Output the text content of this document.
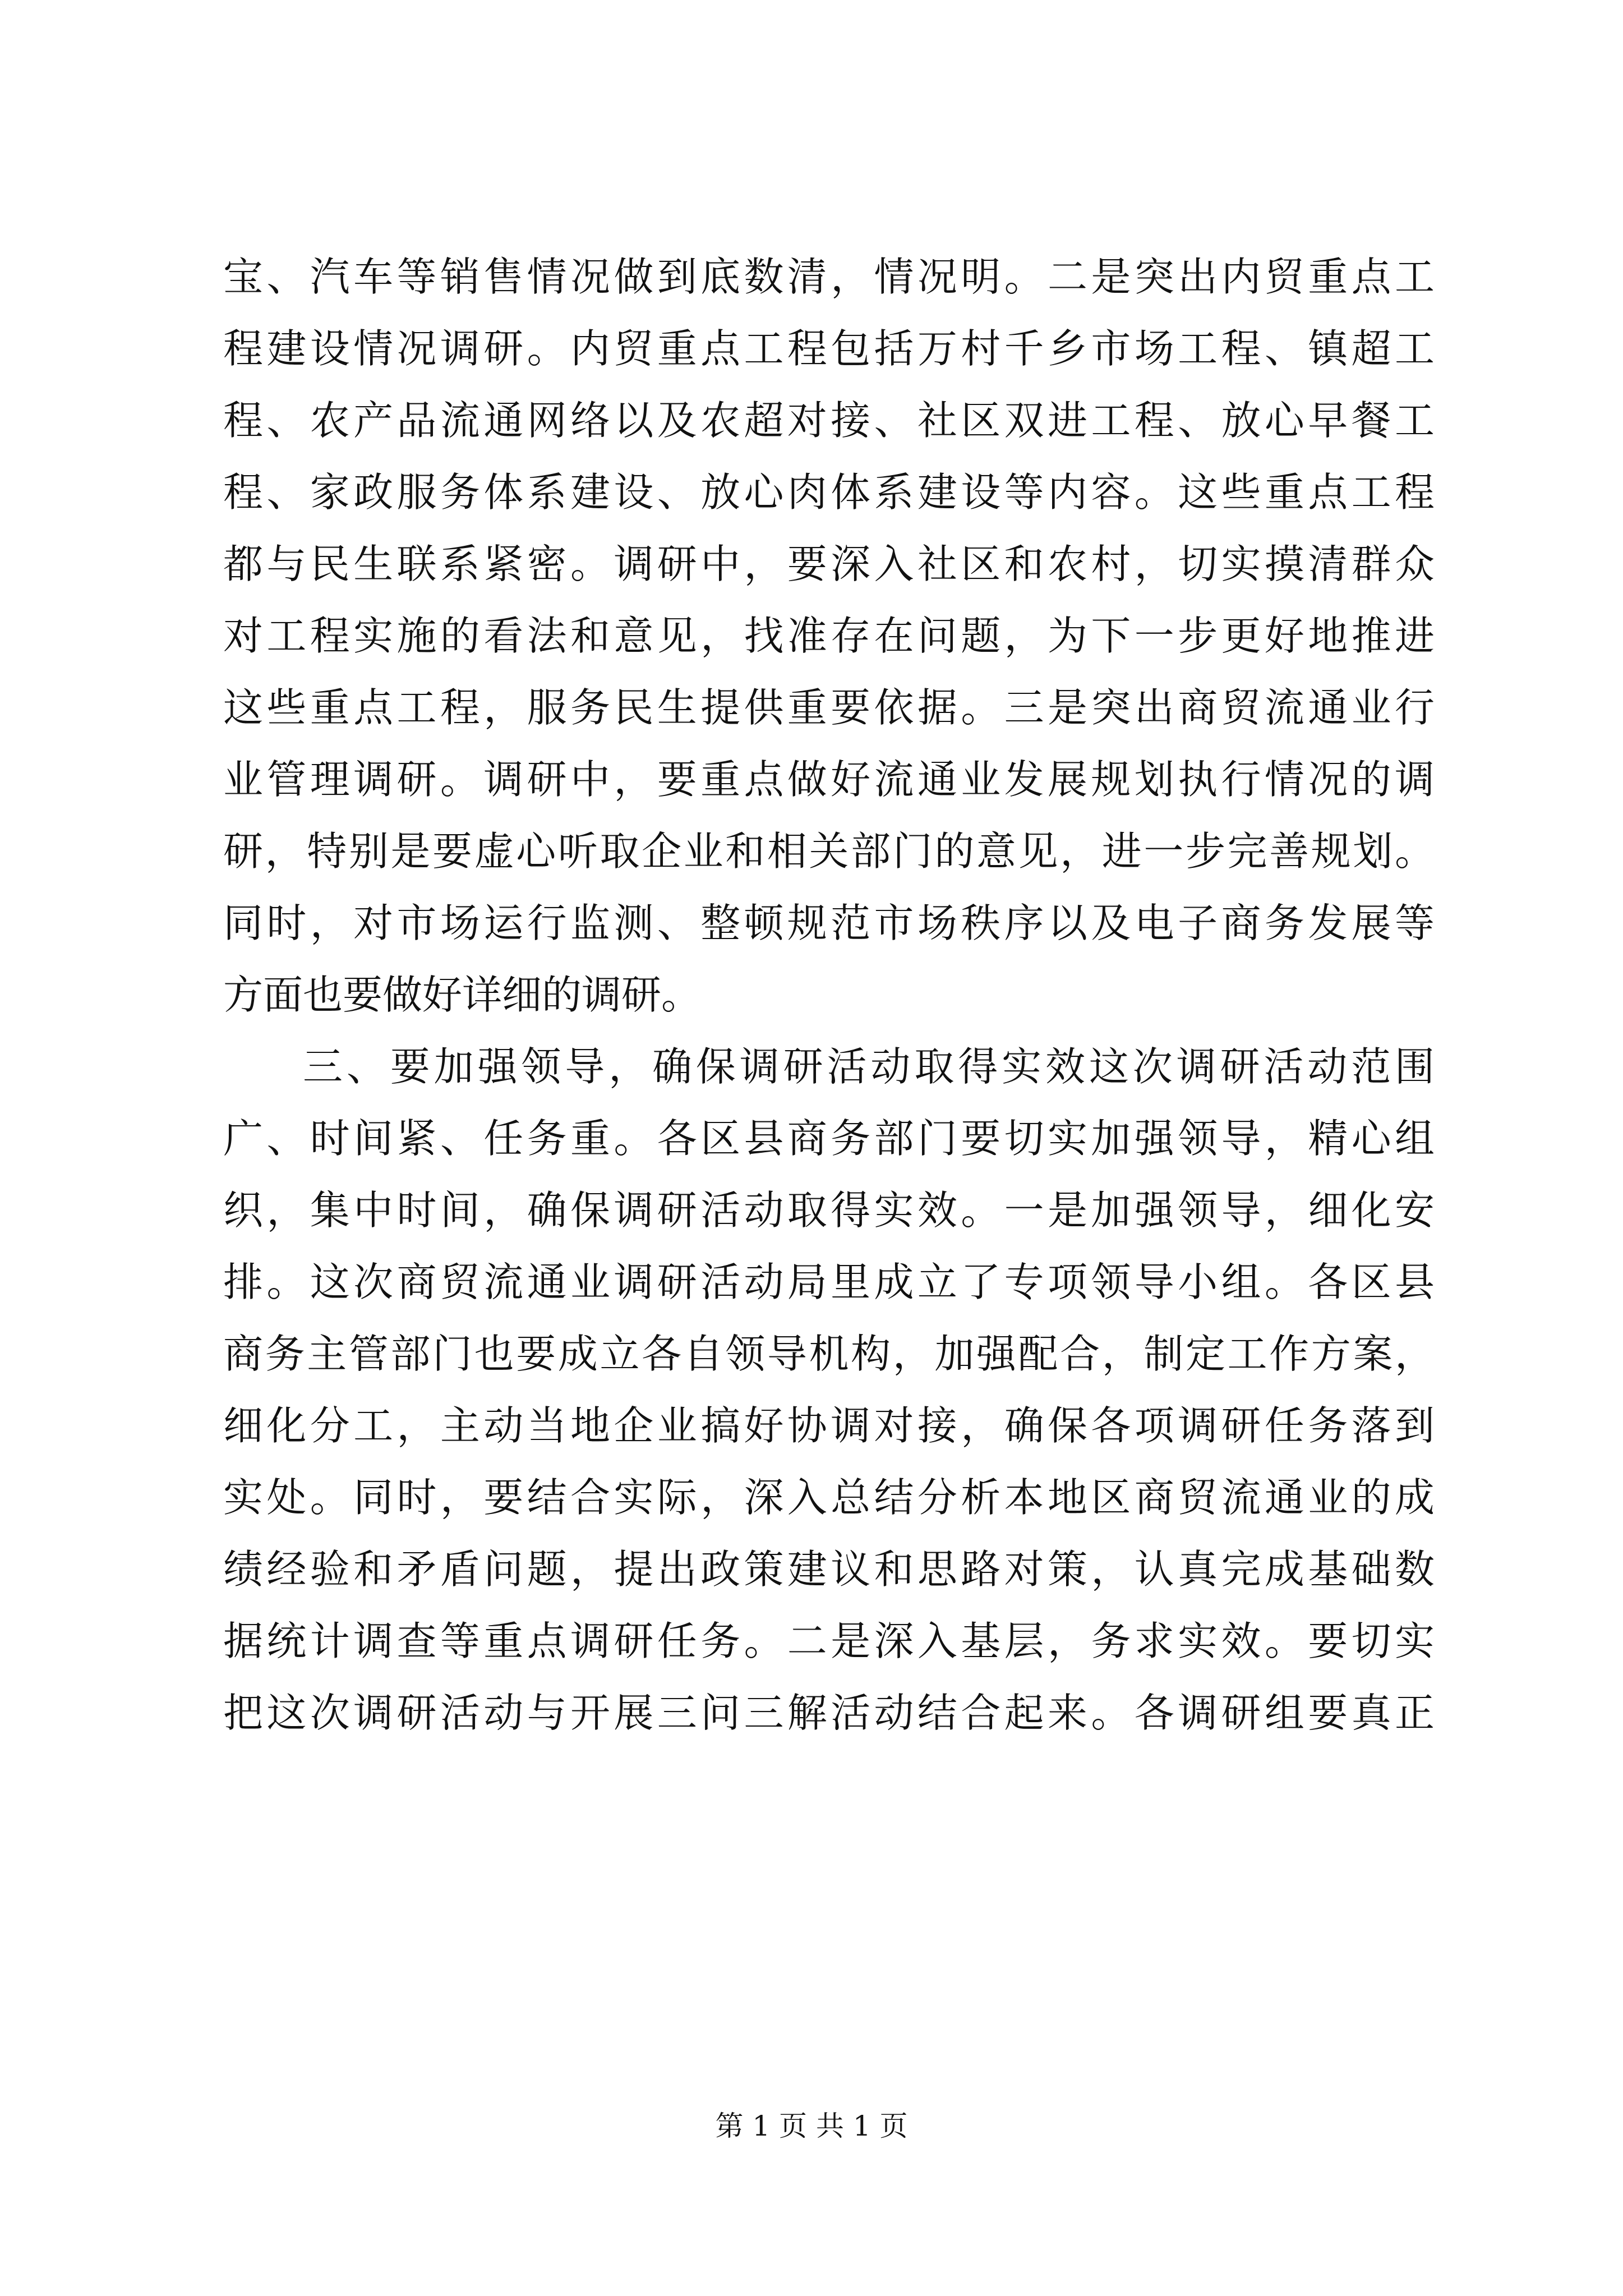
宝、汽车等销售情况做到底数清，情况明。二是突出内贸重点工
程建设情况调研。内贸重点工程包括万村千乡市场工程、镇超工
程、农产品流通网络以及农超对接、社区双进工程、放心早餐工
程、家政服务体系建设、放心肉体系建设等内容。这些重点工程
都与民生联系紧密。调研中，要深入社区和农村，切实摸清群众
对工程实施的看法和意见，找准存在问题，为下一步更好地推进
这些重点工程，服务民生提供重要依据。三是突出商贸流通业行
业管理调研。调研中，要重点做好流通业发展规划执行情况的调
研，特别是要虚心听取企业和相关部门的意见，进一步完善规划。
同时，对市场运行监测、整顿规范市场秩序以及电子商务发展等
方面也要做好详细的调研。
三、要加强领导，确保调研活动取得实效这次调研活动范围
广、时间紧、任务重。各区县商务部门要切实加强领导，精心组
织，集中时间，确保调研活动取得实效。一是加强领导，细化安
排。这次商贸流通业调研活动局里成立了专项领导小组。各区县
商务主管部门也要成立各自领导机构，加强配合，制定工作方案，
细化分工，主动当地企业搞好协调对接，确保各项调研任务落到
实处。同时，要结合实际，深入总结分析本地区商贸流通业的成
绩经验和矛盾问题，提出政策建议和思路对策，认真完成基础数
据统计调查等重点调研任务。二是深入基层，务求实效。要切实
把这次调研活动与开展三问三解活动结合起来。各调研组要真正
第 1 页 共 1 页
